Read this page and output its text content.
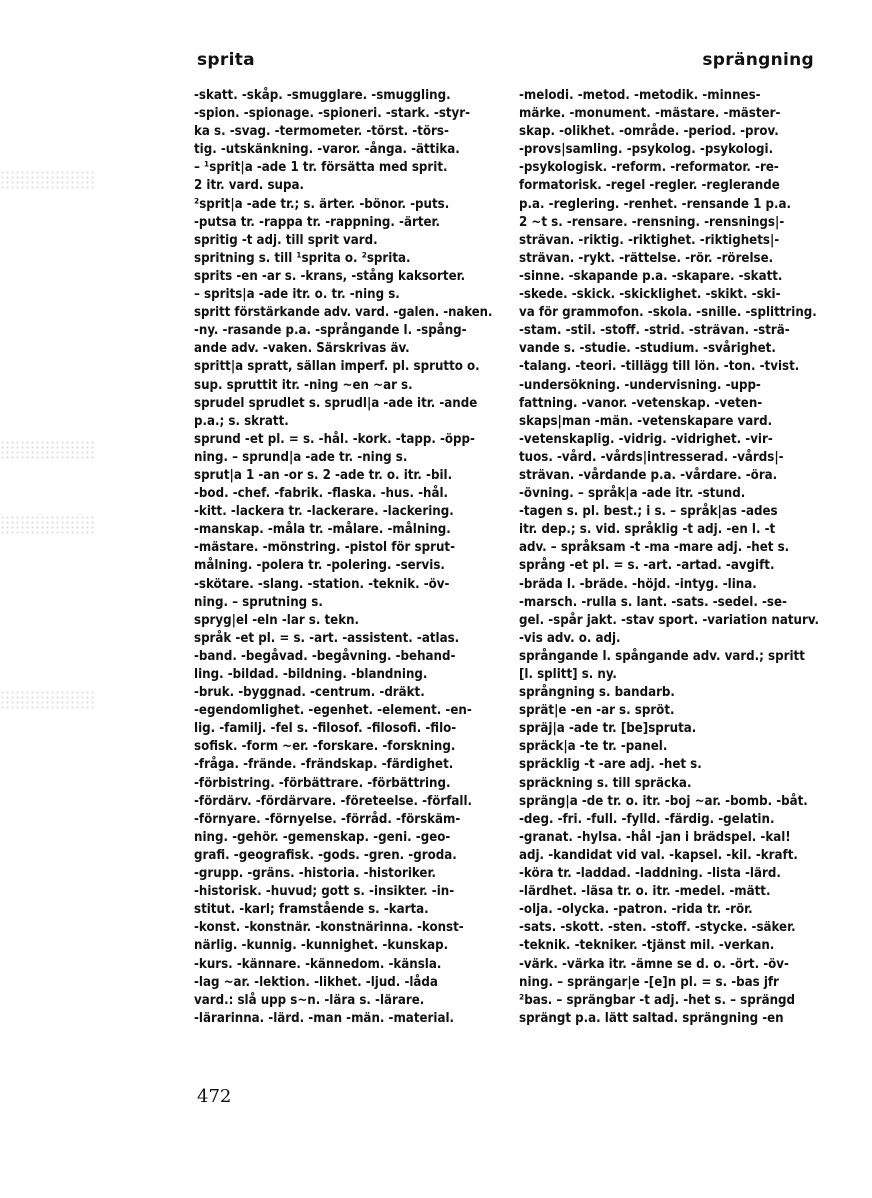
sprita	sprängning
-skatt. -skåp. -smugglare. -smuggling.
-spion. -spionage. -spioneri. -stark. -styr-
ka s. -svag. -termometer. -törst. -törs-
tig. -utskänkning. -varor. -ånga. -ättika.
– ¹sprit|a -ade 1 tr. försätta med sprit.
2 itr. vard. supa.
²sprit|a -ade tr.; s. ärter. -bönor. -puts.
-putsa tr. -rappa tr. -rappning. -ärter.
spritig -t adj. till sprit vard.
spritning s. till ¹sprita o. ²sprita.
sprits -en -ar s. -krans, -stång kaksorter.
– sprits|a -ade itr. o. tr. -ning s.
spritt förstärkande adv. vard. -galen. -naken.
-ny. -rasande p.a. -språngande l. -spång-
ande adv. -vaken. Särskrivas äv.
spritt|a spratt, sällan imperf. pl. sprutto o.
sup. spruttit itr. -ning ~en ~ar s.
sprudel sprudlet s. sprudl|a -ade itr. -ande
p.a.; s. skratt.
sprund -et pl. = s. -hål. -kork. -tapp. -öpp-
ning. – sprund|a -ade tr. -ning s.
sprut|a 1 -an -or s. 2 -ade tr. o. itr. -bil.
-bod. -chef. -fabrik. -flaska. -hus. -hål.
-kitt. -lackera tr. -lackerare. -lackering.
-manskap. -måla tr. -målare. -målning.
-mästare. -mönstring. -pistol för sprut-
målning. -polera tr. -polering. -servis.
-skötare. -slang. -station. -teknik. -öv-
ning. – sprutning s.
spryg|el -eln -lar s. tekn.
språk -et pl. = s. -art. -assistent. -atlas.
-band. -begåvad. -begåvning. -behand-
ling. -bildad. -bildning. -blandning.
-bruk. -byggnad. -centrum. -dräkt.
-egendomlighet. -egenhet. -element. -en-
lig. -familj. -fel s. -filosof. -filosofi. -filo-
sofisk. -form ~er. -forskare. -forskning.
-fråga. -frände. -frändskap. -färdighet.
-förbistring. -förbättrare. -förbättring.
-fördärv. -fördärvare. -företeelse. -förfall.
-förnyare. -förnyelse. -förråd. -förskäm-
ning. -gehör. -gemenskap. -geni. -geo-
grafi. -geografisk. -gods. -gren. -groda.
-grupp. -gräns. -historia. -historiker.
-historisk. -huvud; gott s. -insikter. -in-
stitut. -karl; framstående s. -karta.
-konst. -konstnär. -konstnärinna. -konst-
närlig. -kunnig. -kunnighet. -kunskap.
-kurs. -kännare. -kännedom. -känsla.
-lag ~ar. -lektion. -likhet. -ljud. -låda
vard.: slå upp s~n. -lära s. -lärare.
-lärarinna. -lärd. -man -män. -material.
-melodi. -metod. -metodik. -minnes-
märke. -monument. -mästare. -mäster-
skap. -olikhet. -område. -period. -prov.
-provs|samling. -psykolog. -psykologi.
-psykologisk. -reform. -reformator. -re-
formatorisk. -regel -regler. -reglerande
p.a. -reglering. -renhet. -rensande 1 p.a.
2 ~t s. -rensare. -rensning. -rensnings|-
strävan. -riktig. -riktighet. -riktighets|-
strävan. -rykt. -rättelse. -rör. -rörelse.
-sinne. -skapande p.a. -skapare. -skatt.
-skede. -skick. -skicklighet. -skikt. -ski-
va för grammofon. -skola. -snille. -splittring.
-stam. -stil. -stoff. -strid. -strävan. -strä-
vande s. -studie. -studium. -svårighet.
-talang. -teori. -tillägg till lön. -ton. -tvist.
-undersökning. -undervisning. -upp-
fattning. -vanor. -vetenskap. -veten-
skaps|man -män. -vetenskapare vard.
-vetenskaplig. -vidrig. -vidrighet. -vir-
tuos. -vård. -vårds|intresserad. -vårds|-
strävan. -vårdande p.a. -vårdare. -öra.
-övning. – språk|a -ade itr. -stund.
-tagen s. pl. best.; i s. – språk|as -ades
itr. dep.; s. vid. språklig -t adj. -en l. -t
adv. – språksam -t -ma -mare adj. -het s.
språng -et pl. = s. -art. -artad. -avgift.
-bräda l. -bräde. -höjd. -intyg. -lina.
-marsch. -rulla s. lant. -sats. -sedel. -se-
gel. -spår jakt. -stav sport. -variation naturv.
-vis adv. o. adj.
språngande l. spångande adv. vard.; spritt
[l. splitt] s. ny.
språngning s. bandarb.
sprät|e -en -ar s. spröt.
spräj|a -ade tr. [be]spruta.
spräck|a -te tr. -panel.
spräcklig -t -are adj. -het s.
spräckning s. till spräcka.
spräng|a -de tr. o. itr. -boj ~ar. -bomb. -båt.
-deg. -fri. -full. -fylld. -färdig. -gelatin.
-granat. -hylsa. -hål -jan i brädspel. -kal!
adj. -kandidat vid val. -kapsel. -kil. -kraft.
-köra tr. -laddad. -laddning. -lista -lärd.
-lärdhet. -läsa tr. o. itr. -medel. -mätt.
-olja. -olycka. -patron. -rida tr. -rör.
-sats. -skott. -sten. -stoff. -stycke. -säker.
-teknik. -tekniker. -tjänst mil. -verkan.
-värk. -värka itr. -ämne se d. o. -ört. -öv-
ning. – sprängar|e -[e]n pl. = s. -bas jfr
²bas. – sprängbar -t adj. -het s. – sprängd
sprängt p.a. lätt saltad. sprängning -en
472
